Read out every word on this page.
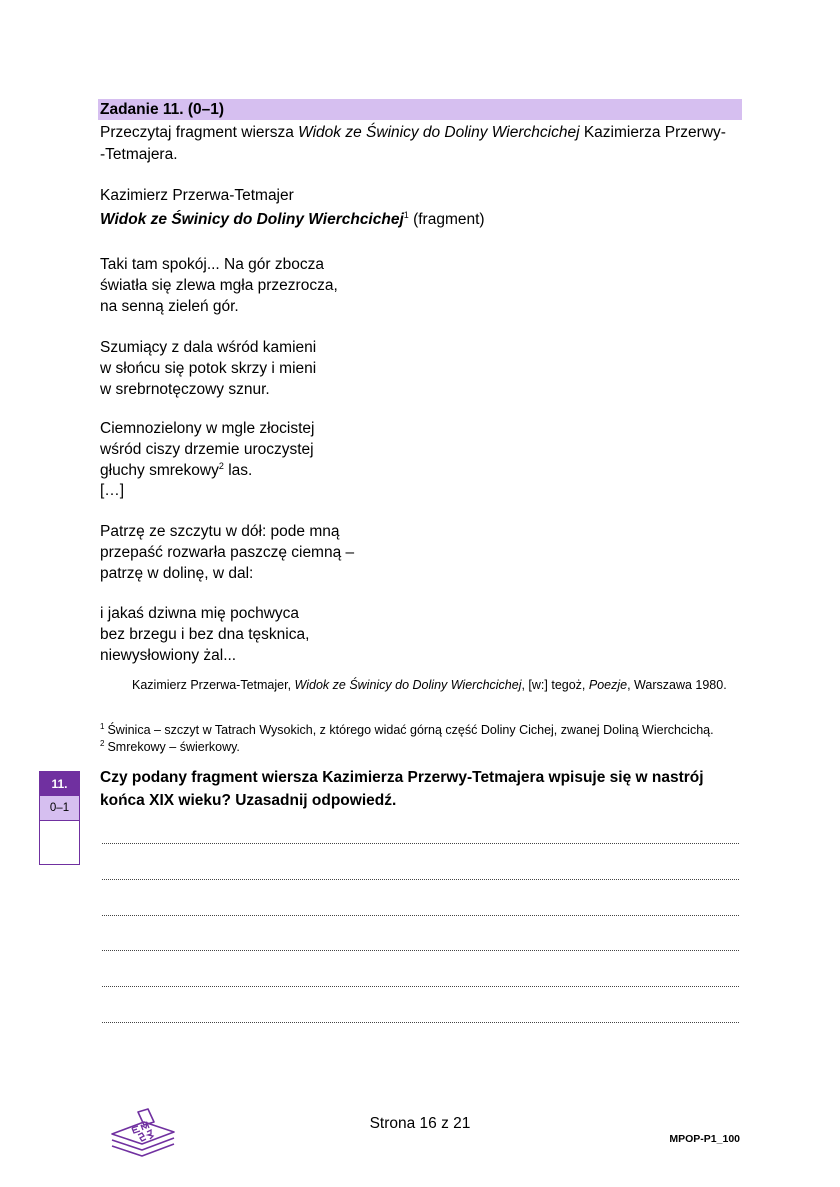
Zadanie 11. (0–1)
Przeczytaj fragment wiersza Widok ze Świnicy do Doliny Wierchcichej Kazimierza Przerwy-
-Tetmajera.
Kazimierz Przerwa-Tetmajer
Widok ze Świnicy do Doliny Wierchcichej$^1$ (fragment)
Taki tam spokój... Na gór zbocza
światła się zlewa mgła przezrocza,
na senną zieleń gór.
Szumiący z dala wśród kamieni
w słońcu się potok skrzy i mieni
w srebrnotęczowy sznur.
Ciemnozielony w mgle złocistej
wśród ciszy drzemie uroczystej
głuchy smrekowy$^2$ las.
[…]
Patrzę ze szczytu w dół: pode mną
przepaść rozwarła paszczę ciemną –
patrzę w dolinę, w dal:
i jakaś dziwna mię pochwyca
bez brzegu i bez dna tęsknica,
niewysłowiony żal...
Kazimierz Przerwa-Tetmajer, Widok ze Świnicy do Doliny Wierchcichej, [w:] tegoż, Poezje, Warszawa 1980.
$^1$ Świnica – szczyt w Tatrach Wysokich, z którego widać górną część Doliny Cichej, zwanej Doliną Wierchcichą.
$^2$ Smrekowy – świerkowy.
11.
0–1
Czy podany fragment wiersza Kazimierza Przerwy-Tetmajera wpisuje się w nastrój końca XIX wieku? Uzasadnij odpowiedź.
Strona 16 z 21
MPOP-P1_100
